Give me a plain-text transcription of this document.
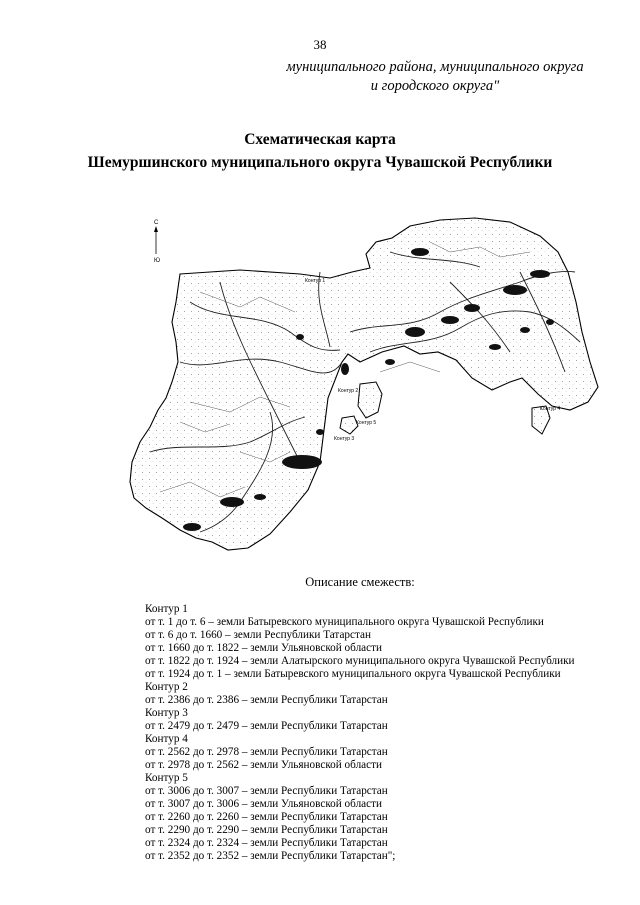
38
муниципального района, муниципального округа
и городского округа"
Схематическая карта
Шемуршинского муниципального округа Чувашской Республики
С
Ю
Контур 1
Контур 2
Контур 3
Контур 4
Контур 5
Описание смежеств:
Контур 1
от т. 1 до т. 6 – земли Батыревского муниципального округа Чувашской Республики
от т. 6 до т. 1660 – земли Республики Татарстан
от т. 1660 до т. 1822 – земли Ульяновской области
от т. 1822 до т. 1924 – земли Алатырского муниципального округа Чувашской Республики
от т. 1924 до т. 1 – земли Батыревского муниципального округа Чувашской Республики
Контур 2
от т. 2386 до т. 2386 – земли Республики Татарстан
Контур 3
от т. 2479 до т. 2479 – земли Республики Татарстан
Контур 4
от т. 2562 до т. 2978 – земли Республики Татарстан
от т. 2978 до т. 2562 – земли Ульяновской области
Контур 5
от т. 3006 до т. 3007 – земли Республики Татарстан
от т. 3007 до т. 3006 – земли Ульяновской области
от т. 2260 до т. 2260 – земли Республики Татарстан
от т. 2290 до т. 2290 – земли Республики Татарстан
от т. 2324 до т. 2324 – земли Республики Татарстан
от т. 2352 до т. 2352 – земли Республики Татарстан";
